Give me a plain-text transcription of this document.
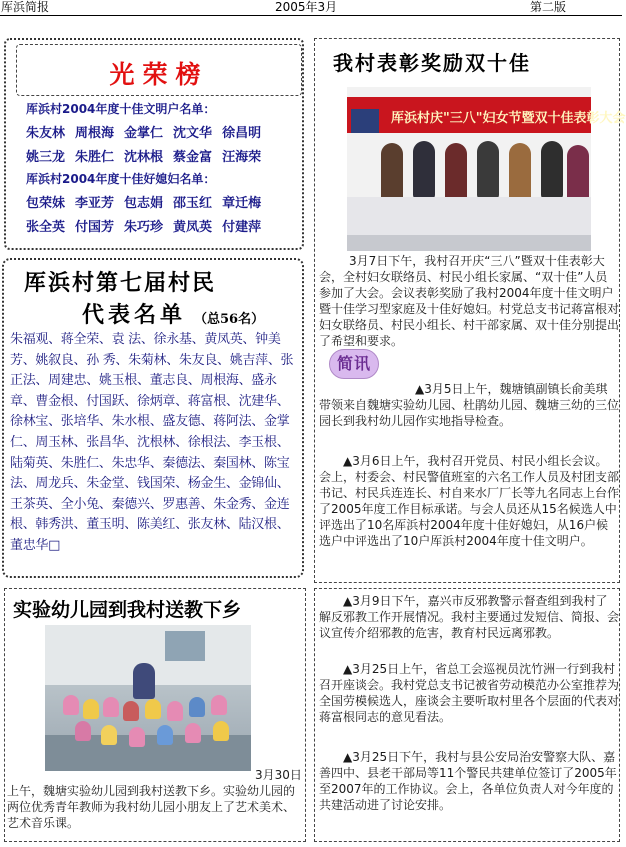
厍浜简报	2005年3月	第二版
光荣榜
厍浜村2004年度十佳文明户名单：
朱友林 周根海 金掌仁 沈文华 徐昌明
姚三龙 朱胜仁 沈林根 蔡金富 汪海荣
厍浜村2004年度十佳好媳妇名单：
包荣妹 李亚芳 包志娟 邵玉红 章迁梅
张全英 付国芳 朱巧珍 黄凤英 付建萍
厍浜村第七届村民
代表名单 （总56名）
朱福观、蒋全荣、袁 法、徐永基、黄凤英、钟美芳、姚叙良、孙 秀、朱菊林、朱友良、姚吉萍、张正法、周建忠、姚玉根、董志良、周根海、盛永章、曹金根、付国跃、徐炳章、蒋富根、沈建华、徐林宝、张培华、朱水根、盛友德、蒋阿法、金掌仁、周玉林、张昌华、沈根林、徐根法、李玉根、陆菊英、朱胜仁、朱忠华、秦德法、秦国林、陈宝法、周龙兵、朱金堂、钱国荣、杨金生、金锦仙、王茶英、全小兔、秦德兴、罗惠善、朱金秀、金连根、韩秀洪、董玉明、陈美红、张友林、陆汉根、董忠华□
实验幼儿园到我村送教下乡
3月30日上午，魏塘实验幼儿园到我村送教下乡。实验幼儿园的两位优秀青年教师为我村幼儿园小朋友上了艺术美术、艺术音乐课。
我村表彰奖励双十佳
厍浜村庆"三八"妇女节暨双十佳表彰大会
3月7日下午，我村召开庆“三八”暨双十佳表彰大会，全村妇女联络员、村民小组长家属、“双十佳”人员参加了大会。会议表彰奖励了我村2004年度十佳文明户暨十佳学习型家庭及十佳好媳妇。村党总支书记蒋富根对妇女联络员、村民小组长、村干部家属、双十佳分别提出了希望和要求。
简讯
▲3月5日上午，魏塘镇副镇长俞美琪带领来自魏塘实验幼儿园、杜鹃幼儿园、魏塘三幼的三位园长到我村幼儿园作实地指导检查。
▲3月6日上午，我村召开党员、村民小组长会议。会上，村委会、村民警值班室的六名工作人员及村团支部书记、村民兵连连长、村自来水厂厂长等九名同志上台作了2005年度工作目标承诺。与会人员还从15名候选人中评选出了10名厍浜村2004年度十佳好媳妇，从16户候选户中评选出了10户厍浜村2004年度十佳文明户。
▲3月9日下午，嘉兴市反邪教警示督查组到我村了解反邪教工作开展情况。我村主要通过发短信、简报、会议宣传介绍邪教的危害，教育村民远离邪教。
▲3月25日上午，省总工会巡视员沈竹洲一行到我村召开座谈会。我村党总支书记被省劳动模范办公室推荐为全国劳模候选人，座谈会主要听取村里各个层面的代表对蒋富根同志的意见看法。
▲3月25日下午，我村与县公安局治安警察大队、嘉善四中、县老干部局等11个警民共建单位签订了2005年至2007年的工作协议。会上，各单位负责人对今年度的共建活动进了讨论安排。
